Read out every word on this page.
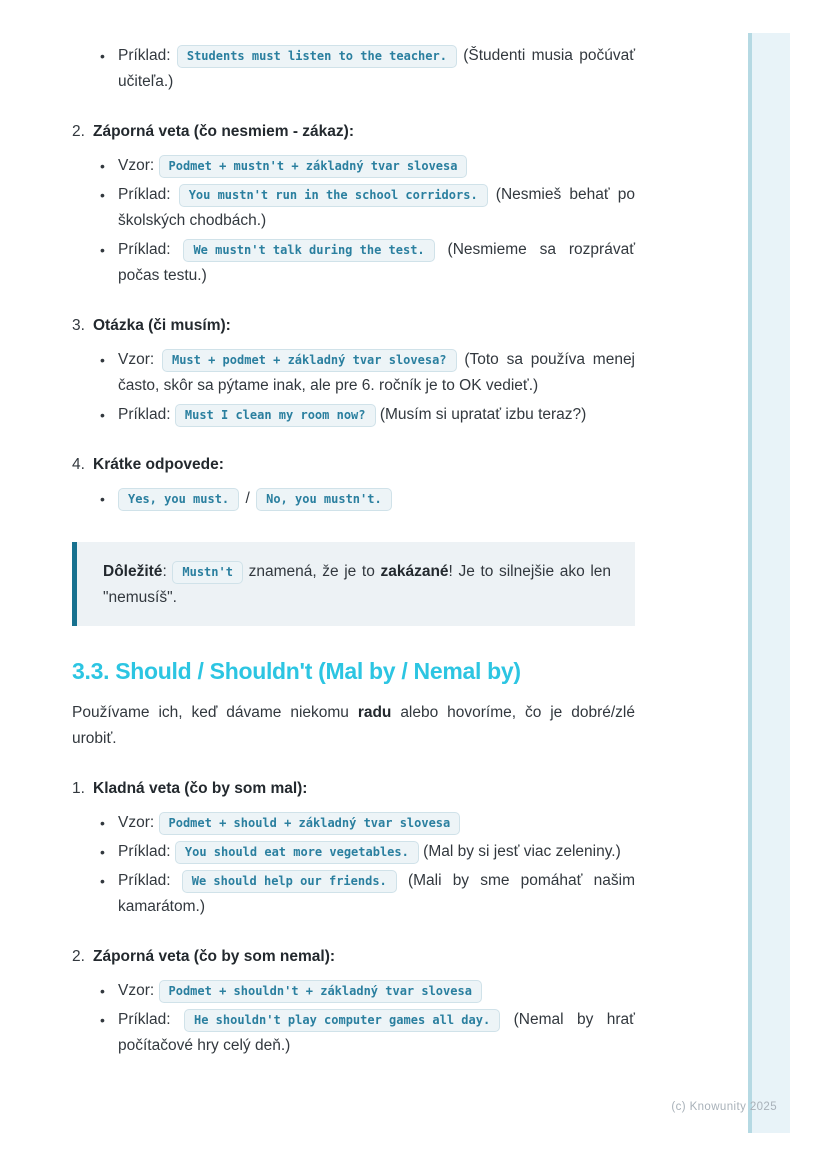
• Príklad: Students must listen to the teacher. (Študenti musia počúvať učiteľa.)
2. Záporná veta (čo nesmiem - zákaz):
• Vzor: Podmet + mustn't + základný tvar slovesa
• Príklad: You mustn't run in the school corridors. (Nesmieš behať po školských chodbách.)
• Príklad: We mustn't talk during the test. (Nesmieme sa rozprávať počas testu.)
3. Otázka (či musím):
• Vzor: Must + podmet + základný tvar slovesa? (Toto sa používa menej často, skôr sa pýtame inak, ale pre 6. ročník je to OK vedieť.)
• Príklad: Must I clean my room now? (Musím si upratať izbu teraz?)
4. Krátke odpovede:
• Yes, you must. / No, you mustn't.

Dôležité: Mustn't znamená, že je to zakázané! Je to silnejšie ako len "nemusíš".

3.3. Should / Shouldn't (Mal by / Nemal by)

Používame ich, keď dávame niekomu radu alebo hovoríme, čo je dobré/zlé urobiť.

1. Kladná veta (čo by som mal):
• Vzor: Podmet + should + základný tvar slovesa
• Príklad: You should eat more vegetables. (Mal by si jesť viac zeleniny.)
• Príklad: We should help our friends. (Mali by sme pomáhať našim kamarátom.)
2. Záporná veta (čo by som nemal):
• Vzor: Podmet + shouldn't + základný tvar slovesa
• Príklad: He shouldn't play computer games all day. (Nemal by hrať počítačové hry celý deň.)
(c) Knowunity 2025
